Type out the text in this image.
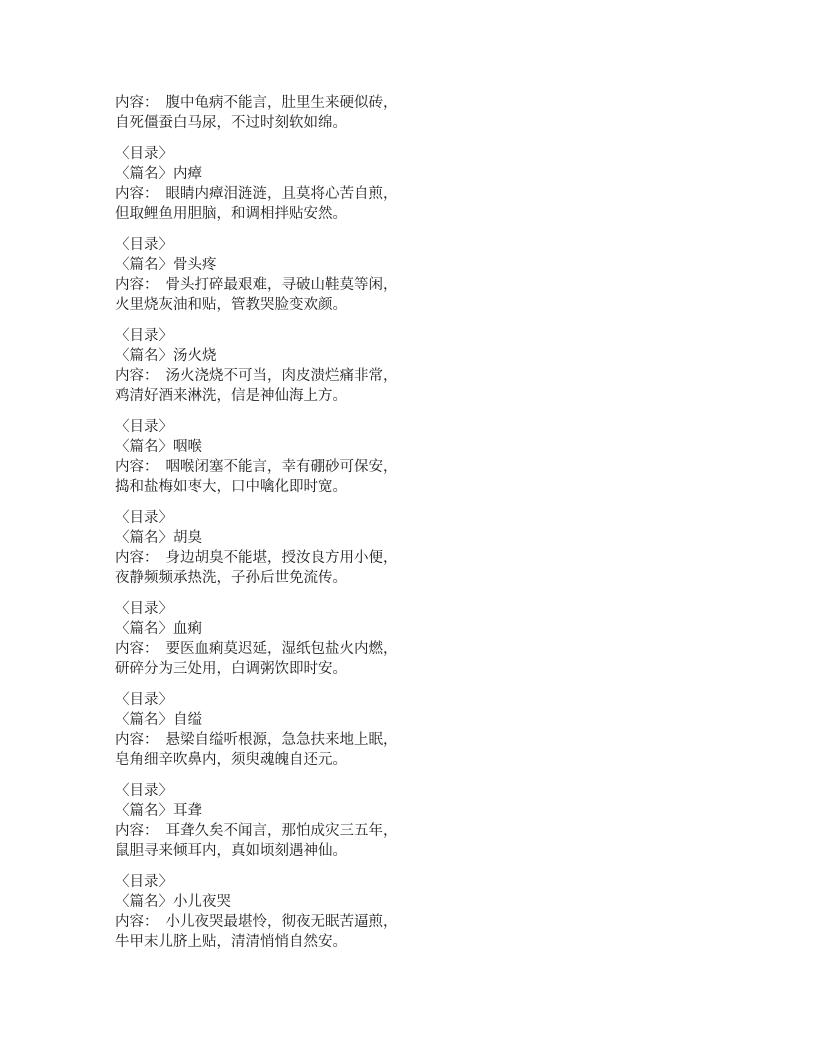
内容： 腹中龟病不能言，肚里生来硬似砖，
自死僵蚕白马尿，不过时刻软如绵。
〈目录〉
〈篇名〉内瘴
内容： 眼睛内瘴泪涟涟，且莫将心苦自煎，
但取鲤鱼用胆脑，和调相拌贴安然。
〈目录〉
〈篇名〉骨头疼
内容： 骨头打碎最艰难，寻破山鞋莫等闲，
火里烧灰油和贴，管教哭脸变欢颜。
〈目录〉
〈篇名〉汤火烧
内容： 汤火浇烧不可当，肉皮溃烂痛非常，
鸡清好酒来淋洗，信是神仙海上方。
〈目录〉
〈篇名〉咽喉
内容： 咽喉闭塞不能言，幸有硼砂可保安，
捣和盐梅如枣大，口中噙化即时宽。
〈目录〉
〈篇名〉胡臭
内容： 身边胡臭不能堪，授汝良方用小便，
夜静频频承热洗，子孙后世免流传。
〈目录〉
〈篇名〉血痢
内容： 要医血痢莫迟延，湿纸包盐火内燃，
研碎分为三处用，白调粥饮即时安。
〈目录〉
〈篇名〉自缢
内容： 悬梁自缢听根源，急急扶来地上眠，
皂角细辛吹鼻内，须臾魂魄自还元。
〈目录〉
〈篇名〉耳聋
内容： 耳聋久矣不闻言，那怕成灾三五年，
鼠胆寻来倾耳内，真如顷刻遇神仙。
〈目录〉
〈篇名〉小儿夜哭
内容： 小儿夜哭最堪怜，彻夜无眠苦逼煎，
牛甲末儿脐上贴，清清悄悄自然安。
